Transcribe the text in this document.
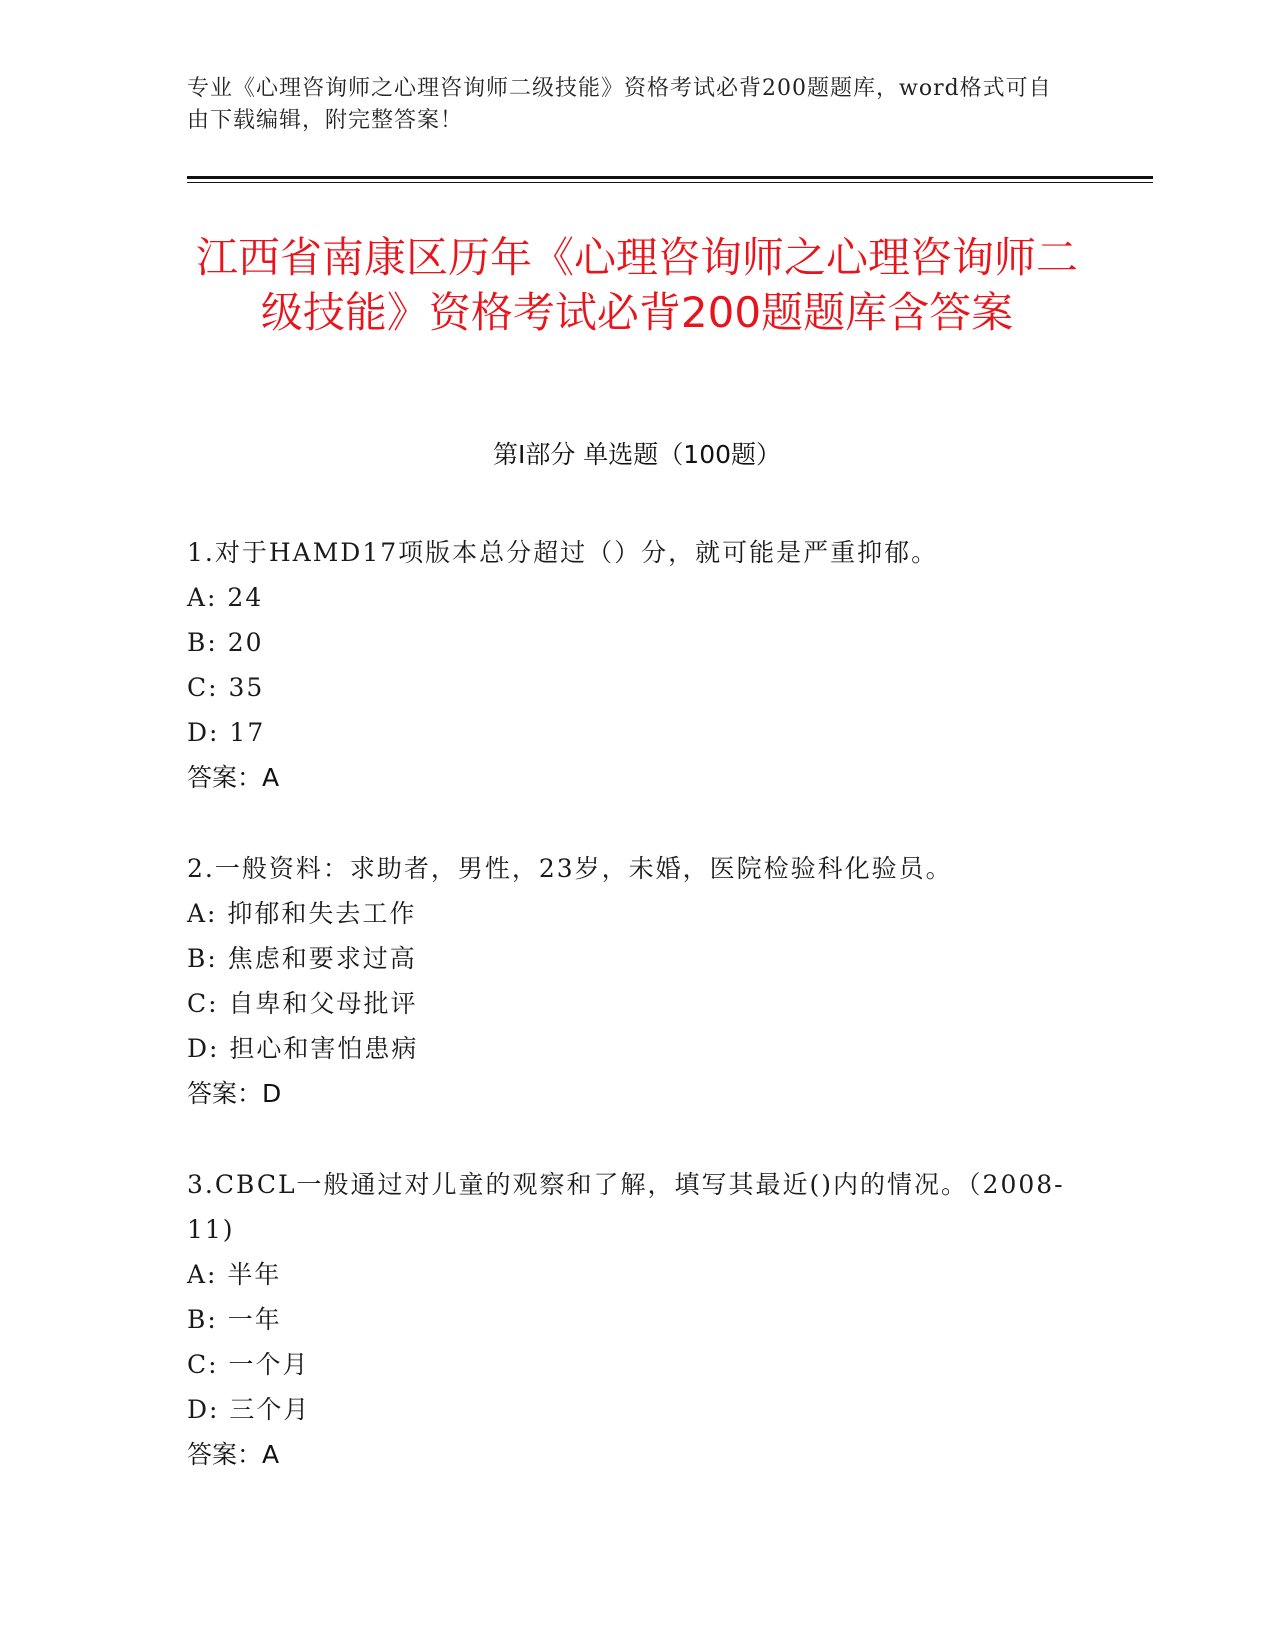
专业《心理咨询师之心理咨询师二级技能》资格考试必背200题题库，word格式可自由下载编辑，附完整答案！
江西省南康区历年《心理咨询师之心理咨询师二级技能》资格考试必背200题题库含答案
第I部分 单选题（100题）
1.对于HAMD17项版本总分超过（）分，就可能是严重抑郁。
A: 24
B: 20
C: 35
D: 17
答案：A
2.一般资料：求助者，男性，23岁，未婚，医院检验科化验员。
A: 抑郁和失去工作
B: 焦虑和要求过高
C: 自卑和父母批评
D: 担心和害怕患病
答案：D
3.CBCL一般通过对儿童的观察和了解，填写其最近()内的情况。（2008-11)
A: 半年
B: 一年
C: 一个月
D: 三个月
答案：A
